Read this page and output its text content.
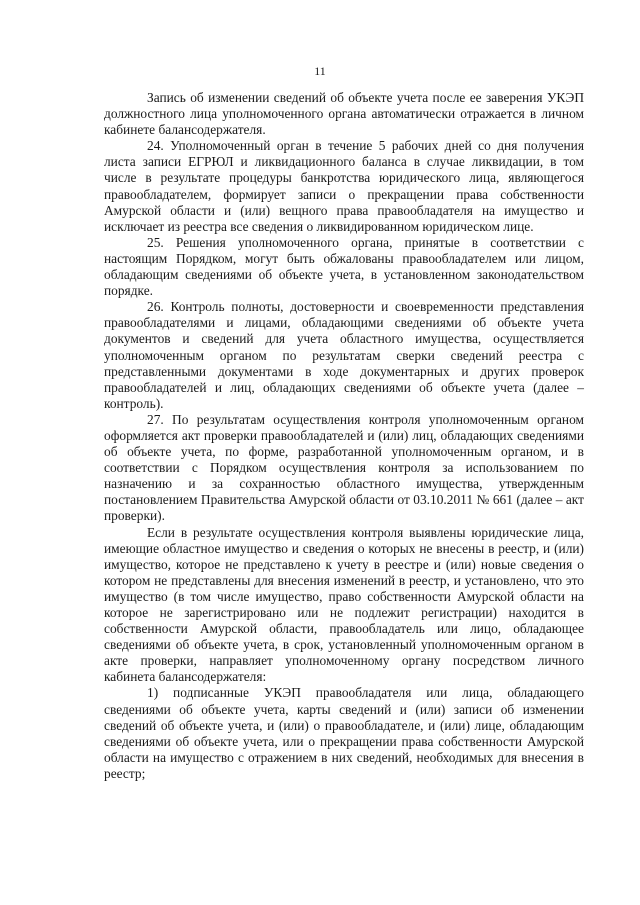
11

Запись об изменении сведений об объекте учета после ее заверения УКЭП должностного лица уполномоченного органа автоматически отражается в личном кабинете балансодержателя.

24. Уполномоченный орган в течение 5 рабочих дней со дня получения листа записи ЕГРЮЛ и ликвидационного баланса в случае ликвидации, в том числе в результате процедуры банкротства юридического лица, являющегося правообладателем, формирует записи о прекращении права собственности Амурской области и (или) вещного права правообладателя на имущество и исключает из реестра все сведения о ликвидированном юридическом лице.

25. Решения уполномоченного органа, принятые в соответствии с настоящим Порядком, могут быть обжалованы правообладателем или лицом, обладающим сведениями об объекте учета, в установленном законодательством порядке.

26. Контроль полноты, достоверности и своевременности представления правообладателями и лицами, обладающими сведениями об объекте учета документов и сведений для учета областного имущества, осуществляется уполномоченным органом по результатам сверки сведений реестра с представленными документами в ходе документарных и других проверок правообладателей и лиц, обладающих сведениями об объекте учета (далее – контроль).

27. По результатам осуществления контроля уполномоченным органом оформляется акт проверки правообладателей и (или) лиц, обладающих сведениями об объекте учета, по форме, разработанной уполномоченным органом, и в соответствии с Порядком осуществления контроля за использованием по назначению и за сохранностью областного имущества, утвержденным постановлением Правительства Амурской области от 03.10.2011 № 661 (далее – акт проверки).

Если в результате осуществления контроля выявлены юридические лица, имеющие областное имущество и сведения о которых не внесены в реестр, и (или) имущество, которое не представлено к учету в реестре и (или) новые сведения о котором не представлены для внесения изменений в реестр, и установлено, что это имущество (в том числе имущество, право собственности Амурской области на которое не зарегистрировано или не подлежит регистрации) находится в собственности Амурской области, правообладатель или лицо, обладающее сведениями об объекте учета, в срок, установленный уполномоченным органом в акте проверки, направляет уполномоченному органу посредством личного кабинета балансодержателя:

1) подписанные УКЭП правообладателя или лица, обладающего сведениями об объекте учета, карты сведений и (или) записи об изменении сведений об объекте учета, и (или) о правообладателе, и (или) лице, обладающим сведениями об объекте учета, или о прекращении права собственности Амурской области на имущество с отражением в них сведений, необходимых для внесения в реестр;
